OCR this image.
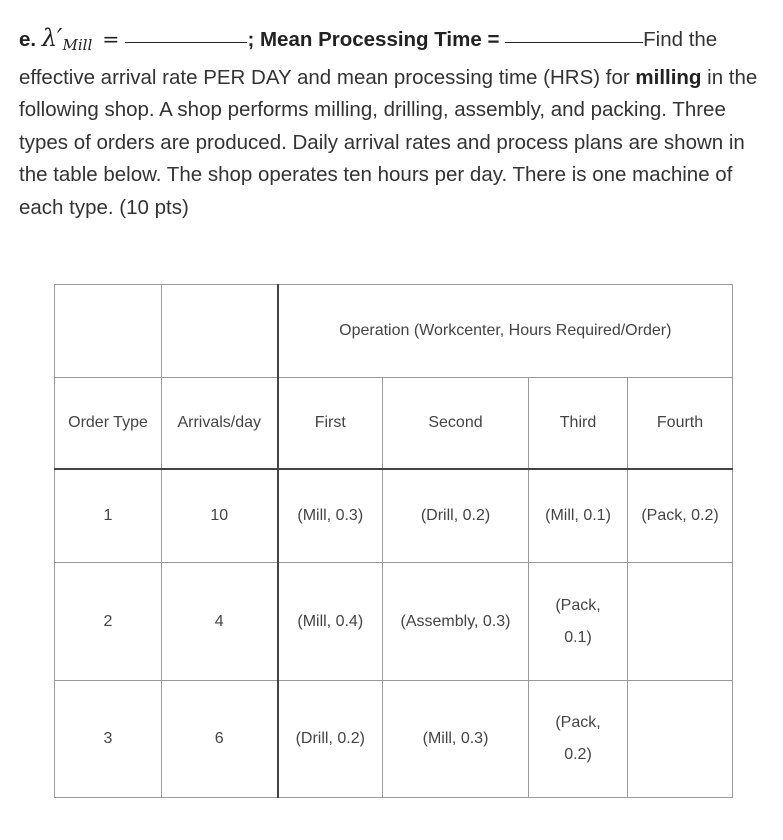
e. $\lambda'_{Mill}$ =	; Mean Processing Time =	Find the effective arrival rate PER DAY and mean processing time (HRS) for milling in the following shop. A shop performs milling, drilling, assembly, and packing. Three types of orders are produced. Daily arrival rates and process plans are shown in the table below. The shop operates ten hours per day. There is one machine of each type. (10 pts)
		Operation (Workcenter, Hours Required/Order)			
Order Type	Arrivals/day	First	Second	Third	Fourth
1	10	(Mill, 0.3)	(Drill, 0.2)	(Mill, 0.1)	(Pack, 0.2)
2	4	(Mill, 0.4)	(Assembly, 0.3)	(Pack, 0.1)	
3	6	(Drill, 0.2)	(Mill, 0.3)	(Pack, 0.2)	
